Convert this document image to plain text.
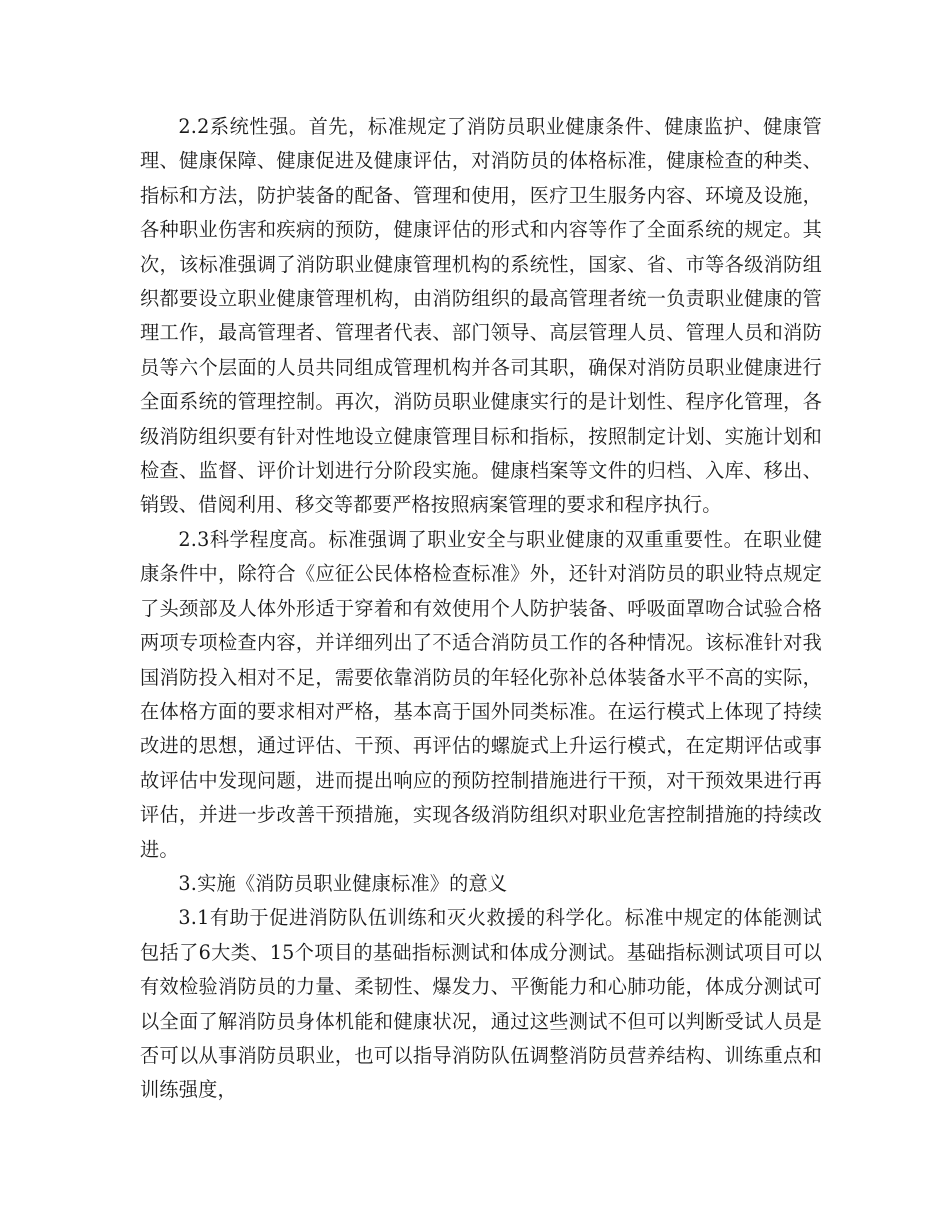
2.2系统性强。首先，标准规定了消防员职业健康条件、健康监护、健康管理、健康保障、健康促进及健康评估，对消防员的体格标准，健康检查的种类、指标和方法，防护装备的配备、管理和使用，医疗卫生服务内容、环境及设施，各种职业伤害和疾病的预防，健康评估的形式和内容等作了全面系统的规定。其次，该标准强调了消防职业健康管理机构的系统性，国家、省、市等各级消防组织都要设立职业健康管理机构，由消防组织的最高管理者统一负责职业健康的管理工作，最高管理者、管理者代表、部门领导、高层管理人员、管理人员和消防员等六个层面的人员共同组成管理机构并各司其职，确保对消防员职业健康进行全面系统的管理控制。再次，消防员职业健康实行的是计划性、程序化管理，各级消防组织要有针对性地设立健康管理目标和指标，按照制定计划、实施计划和检查、监督、评价计划进行分阶段实施。健康档案等文件的归档、入库、移出、销毁、借阅利用、移交等都要严格按照病案管理的要求和程序执行。

2.3科学程度高。标准强调了职业安全与职业健康的双重重要性。在职业健康条件中，除符合《应征公民体格检查标准》外，还针对消防员的职业特点规定了头颈部及人体外形适于穿着和有效使用个人防护装备、呼吸面罩吻合试验合格两项专项检查内容，并详细列出了不适合消防员工作的各种情况。该标准针对我国消防投入相对不足，需要依靠消防员的年轻化弥补总体装备水平不高的实际，在体格方面的要求相对严格，基本高于国外同类标准。在运行模式上体现了持续改进的思想，通过评估、干预、再评估的螺旋式上升运行模式，在定期评估或事故评估中发现问题，进而提出响应的预防控制措施进行干预，对干预效果进行再评估，并进一步改善干预措施，实现各级消防组织对职业危害控制措施的持续改进。

3.实施《消防员职业健康标准》的意义

3.1有助于促进消防队伍训练和灭火救援的科学化。标准中规定的体能测试包括了6大类、15个项目的基础指标测试和体成分测试。基础指标测试项目可以有效检验消防员的力量、柔韧性、爆发力、平衡能力和心肺功能，体成分测试可以全面了解消防员身体机能和健康状况，通过这些测试不但可以判断受试人员是否可以从事消防员职业，也可以指导消防队伍调整消防员营养结构、训练重点和训练强度，
